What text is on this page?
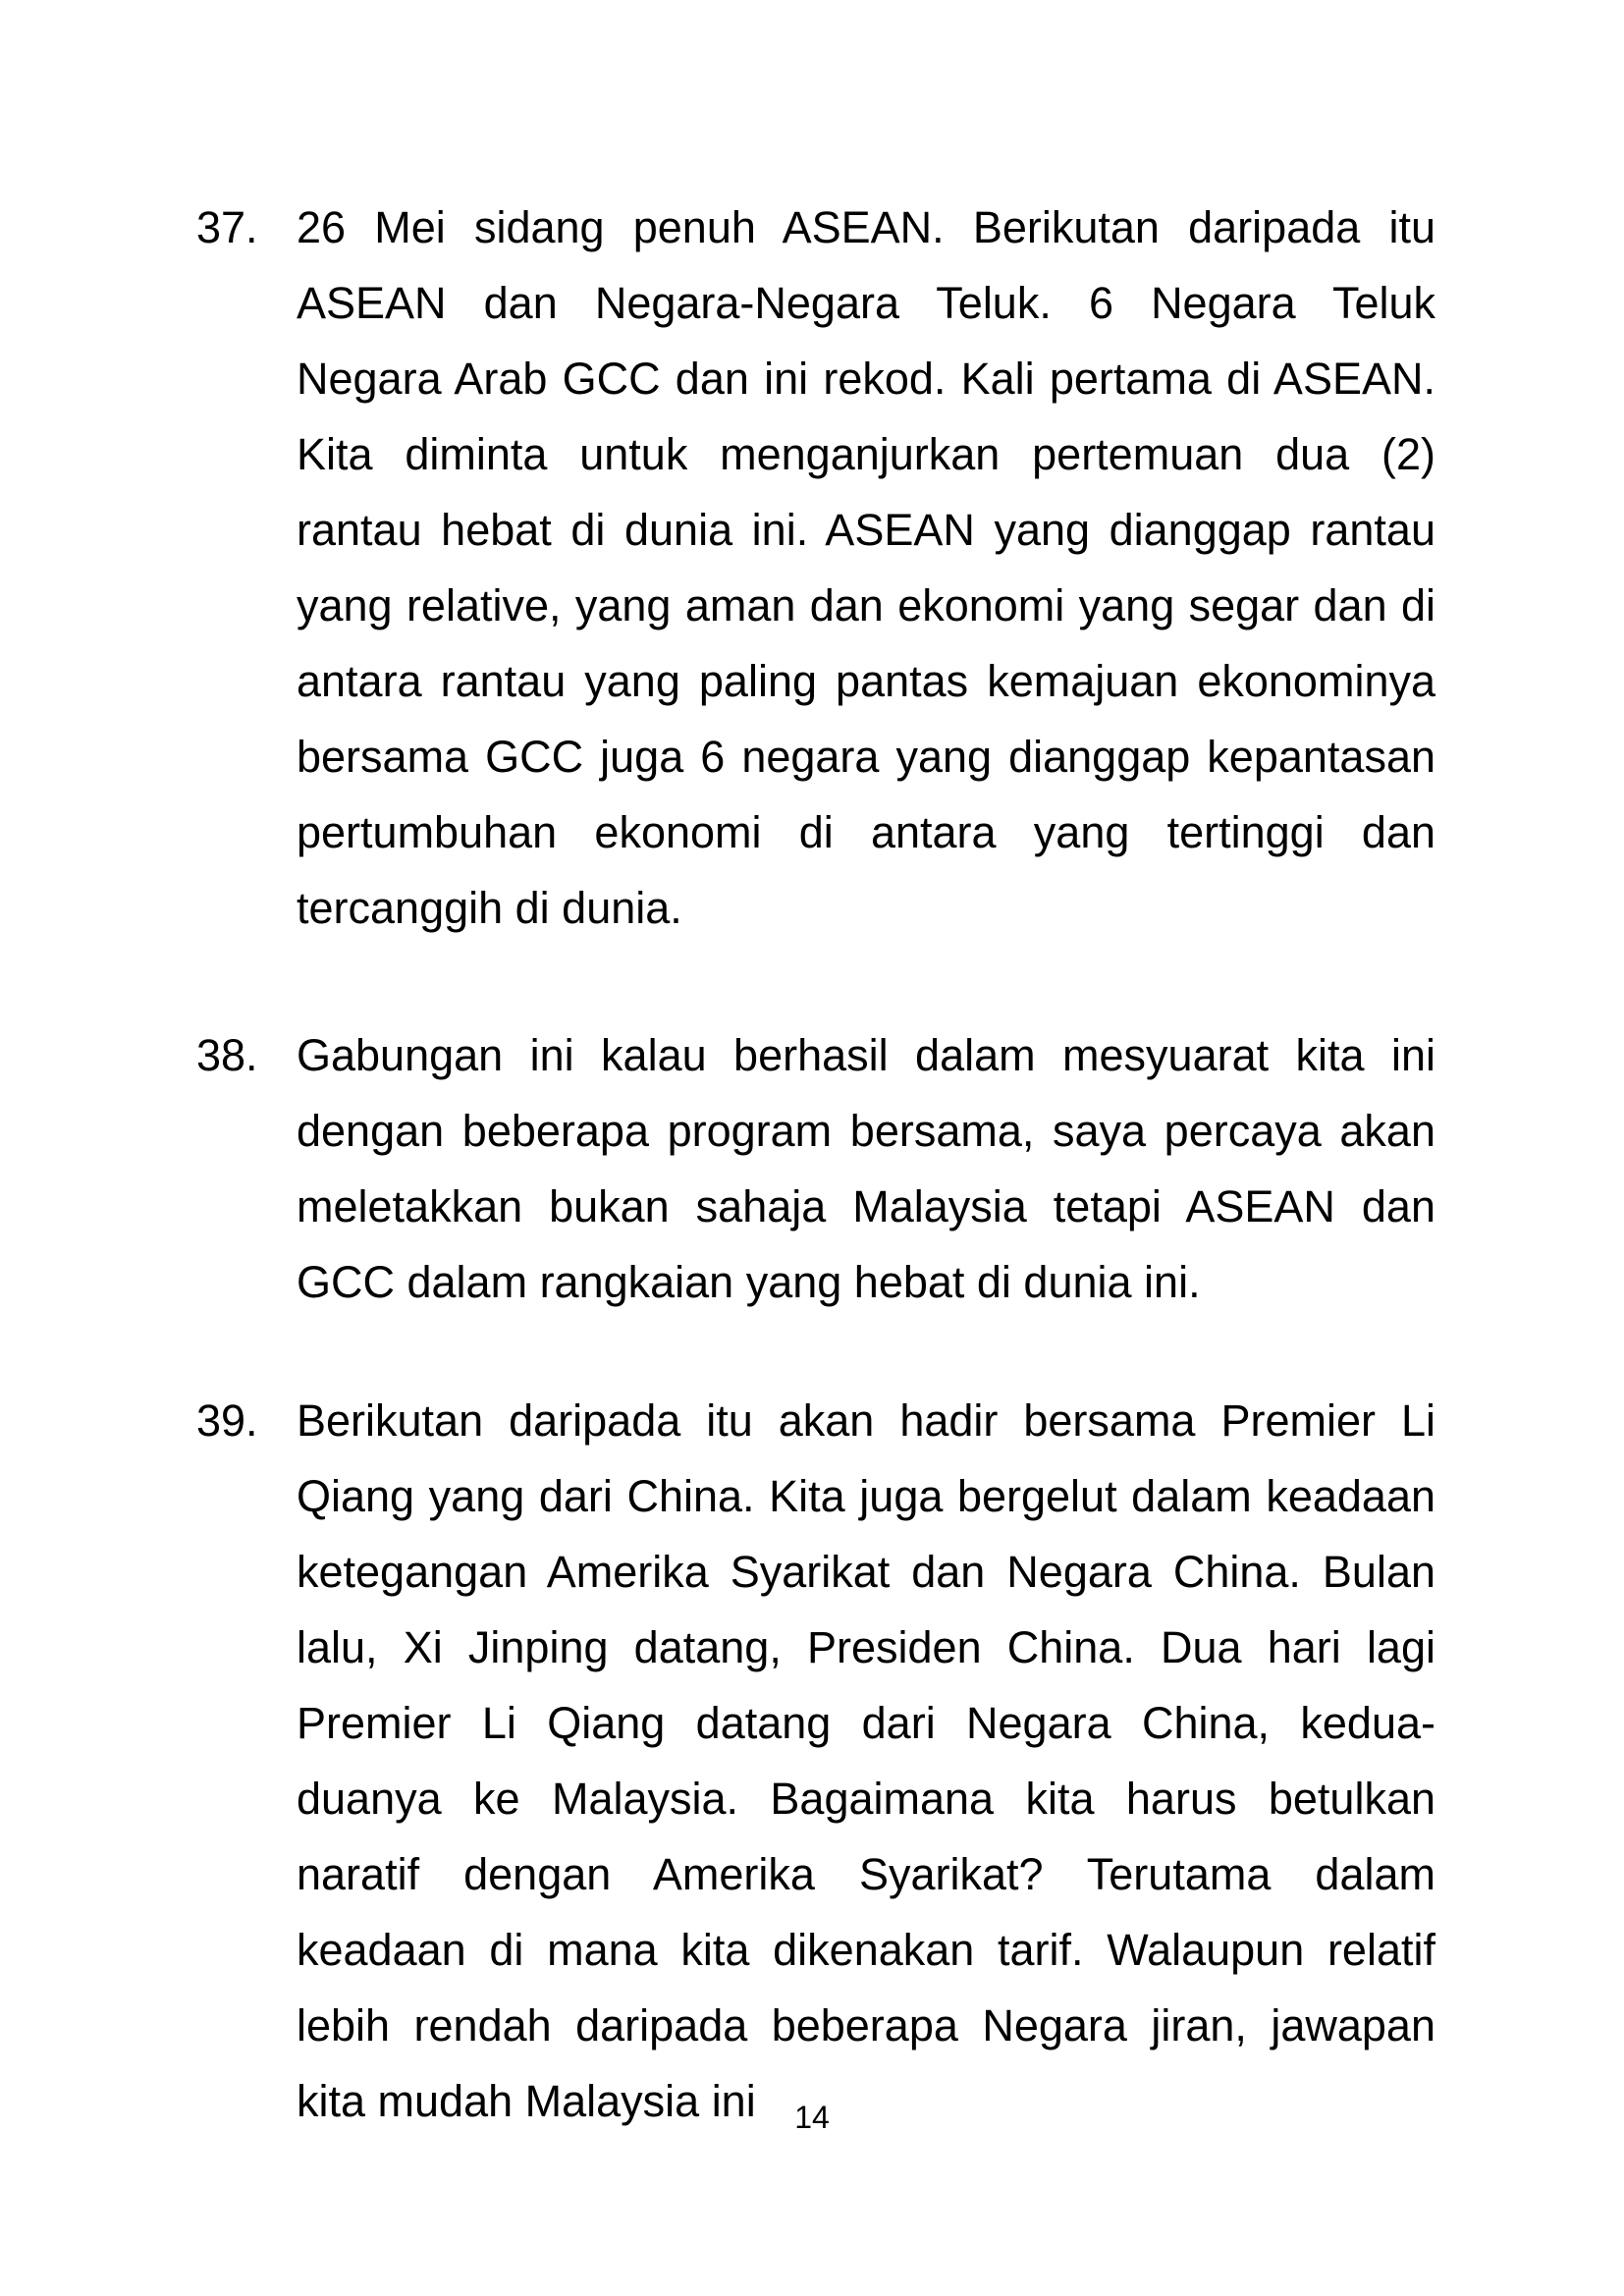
37. 26 Mei sidang penuh ASEAN. Berikutan daripada itu ASEAN dan Negara-Negara Teluk. 6 Negara Teluk Negara Arab GCC dan ini rekod. Kali pertama di ASEAN. Kita diminta untuk menganjurkan pertemuan dua (2) rantau hebat di dunia ini. ASEAN yang dianggap rantau yang relative, yang aman dan ekonomi yang segar dan di antara rantau yang paling pantas kemajuan ekonominya bersama GCC juga 6 negara yang dianggap kepantasan pertumbuhan ekonomi di antara yang tertinggi dan tercanggih di dunia.
38. Gabungan ini kalau berhasil dalam mesyuarat kita ini dengan beberapa program bersama, saya percaya akan meletakkan bukan sahaja Malaysia tetapi ASEAN dan GCC dalam rangkaian yang hebat di dunia ini.
39. Berikutan daripada itu akan hadir bersama Premier Li Qiang yang dari China. Kita juga bergelut dalam keadaan ketegangan Amerika Syarikat dan Negara China. Bulan lalu, Xi Jinping datang, Presiden China. Dua hari lagi Premier Li Qiang datang dari Negara China, kedua-duanya ke Malaysia. Bagaimana kita harus betulkan naratif dengan Amerika Syarikat? Terutama dalam keadaan di mana kita dikenakan tarif. Walaupun relatif lebih rendah daripada beberapa Negara jiran, jawapan kita mudah Malaysia ini	14
